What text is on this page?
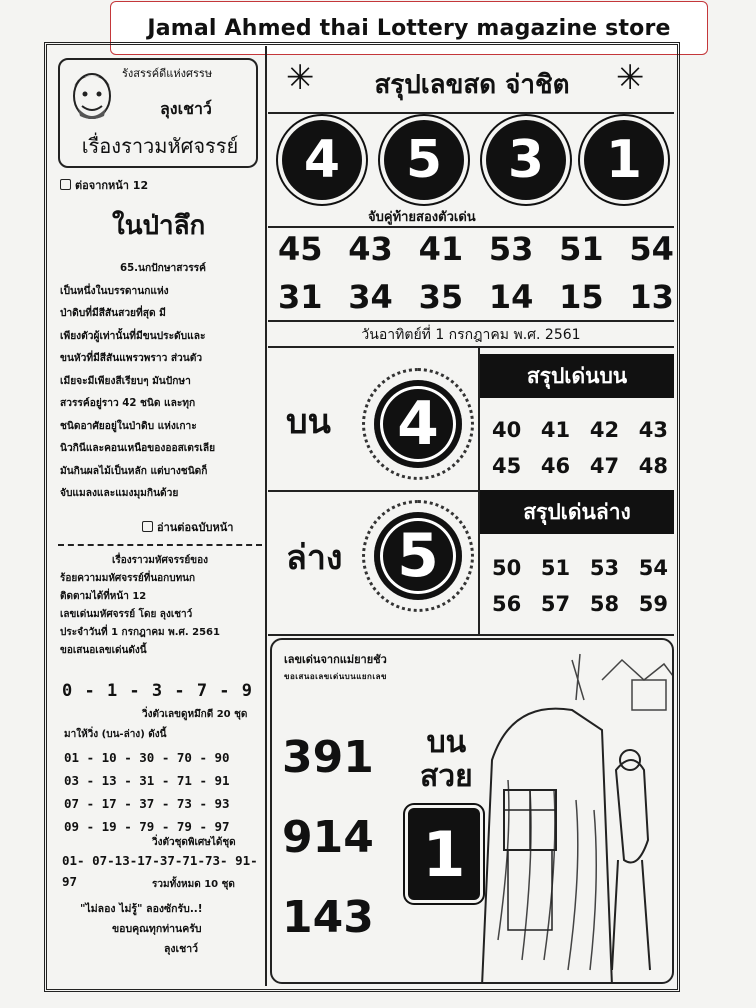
Jamal Ahmed thai Lottery magazine store
รังสรรค์ดีแห่งศรรษ
ลุงเชาว์
เรื่องราวมหัศจรรย์
ต่อจากหน้า 12
ในป่าลึก
65.นกปักษาสวรรค์
เป็นหนึ่งในบรรดานกแห่ง
ป่าดิบที่มีสีสันสวยที่สุด มี
เพียงตัวผู้เท่านั้นที่มีขนประดับและ
ขนหัวที่มีสีสันแพรวพราว ส่วนตัว
เมียจะมีเพียงสีเรียบๆ มันปักษา
สวรรค์อยู่ราว 42 ชนิด และทุก
ชนิดอาศัยอยู่ในป่าดิบ แห่งเกาะ
นิวกินีและคอนเหนือของออสเตรเลีย
มันกินผลไม้เป็นหลัก แต่บางชนิดก็
จับแมลงและแมงมุมกินด้วย
อ่านต่อฉบับหน้า
เรื่องราวมหัศจรรย์ของ
ร้อยความมหัศจรรย์ที่นอกบทนก
ติดตามได้ที่หน้า 12
เลขเด่นมหัศจรรย์ โดย ลุงเชาว์
ประจำวันที่ 1 กรกฎาคม พ.ศ. 2561
ขอเสนอเลขเด่นดังนี้
0 - 1 - 3 - 7 - 9
วิ่งตัวเลขดูหมึกดี 20 ชุด
มาให้วิ่ง (บน-ล่าง) ดังนี้
01 - 10 - 30 - 70 - 90
03 - 13 - 31 - 71 - 91
07 - 17 - 37 - 73 - 93
09 - 19 - 79 - 79 - 97
วิ่งตัวชุดพิเศษได้ชุด
01- 07-13-17-37-71-73- 91-97	รวมทั้งหมด 10 ชุด
"ไม่ลอง ไม่รู้" ลองซักรับ..!
ขอบคุณทุกท่านครับ
ลุงเชาว์
✳	สรุปเลขสด จ่าชิต	✳
4	5	3	1
จับคู่ท้ายสองตัวเด่น
45 43 41 53 51 54
31 34 35 14 15 13
วันอาทิตย์ที่ 1 กรกฎาคม พ.ศ. 2561
บน	4
สรุปเด่นบน
40 41 42 43
45 46 47 48
ล่าง 5
สรุปเด่นล่าง
50 51 53 54
56 57 58 59
เลขเด่นจากแม่ยายชัว
ขอเสนอเลขเด่นบนแยกเลข
391
914
143
บน
สวย
1
